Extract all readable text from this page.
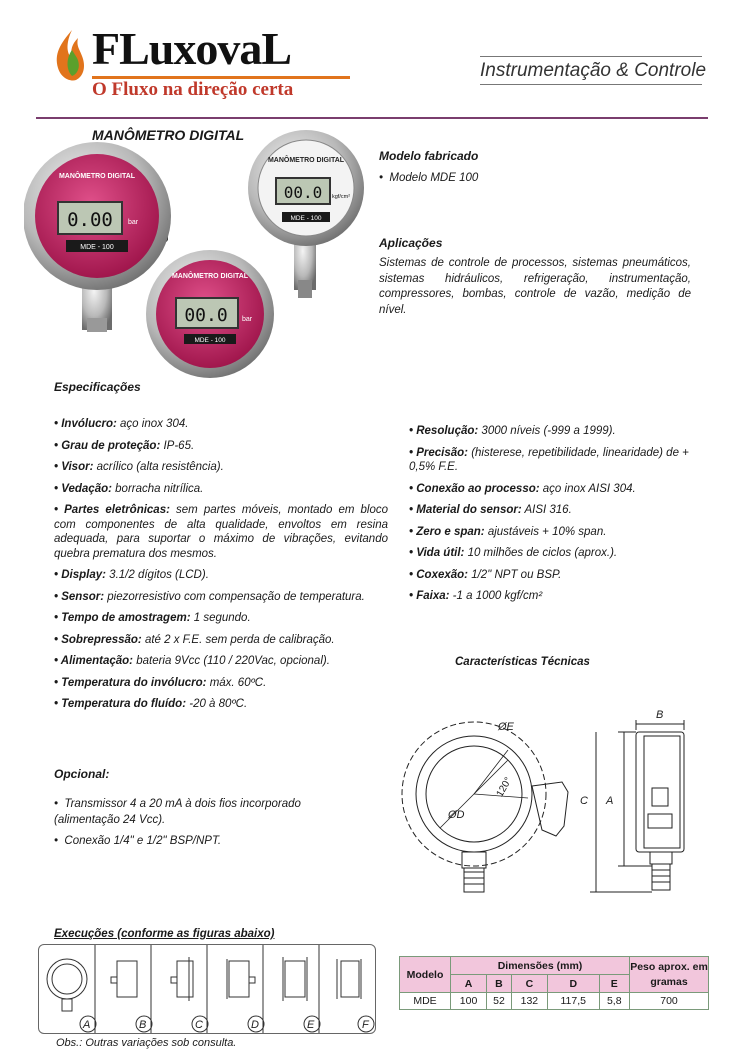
FLuxovaL
O Fluxo na direção certa
Instrumentação & Controle
MANÔMETRO DIGITAL
0.00 bar
MANÔMETRO DIGITAL
MDE - 100
00.0 kgf/cm²
MANÔMETRO DIGITAL
MDE - 100
00.0 bar
MANÔMETRO DIGITAL
MDE - 100
Modelo fabricado
•  Modelo MDE 100
Aplicações
Sistemas de controle de processos, sistemas pneumáticos, sistemas hidráulicos, refrigeração, instrumentação, compressores, bombas, controle de vazão, medição de nível.
Especificações
• Invólucro: aço inox 304.
• Grau de proteção: IP-65.
• Visor: acrílico (alta resistência).
• Vedação: borracha nitrílica.
• Partes eletrônicas: sem partes móveis, montado em bloco com componentes de alta qualidade, envoltos em resina adequada, para suportar o máximo de vibrações, evitando quebra prematura dos mesmos.
• Display: 3.1/2 dígitos (LCD).
• Sensor: piezorresistivo com compensação de temperatura.
• Tempo de amostragem: 1 segundo.
• Sobrepressão: até 2 x F.E. sem perda de calibração.
• Alimentação: bateria 9Vcc (110 / 220Vac, opcional).
• Temperatura do invólucro: máx. 60ºC.
• Temperatura do fluído: -20 à 80ºC.
• Resolução: 3000 níveis (-999 a 1999).
• Precisão: (histerese, repetibilidade, linearidade) de + 0,5% F.E.
• Conexão ao processo: aço inox AISI 304.
• Material do sensor: AISI 316.
• Zero e span: ajustáveis + 10% span.
• Vida útil: 10 milhões de ciclos (aprox.).
• Coxexão: 1/2" NPT ou BSP.
• Faixa: -1 a 1000 kgf/cm²
Características Técnicas
ØE
ØD
120°
B
A
C
Opcional:
•  Transmissor 4 a 20 mA à dois fios incorporado (alimentação 24 Vcc).
•  Conexão 1/4" e 1/2" BSP/NPT.
Execuções (conforme as figuras abaixo)
A	B	C	D	E	F
Obs.: Outras variações sob consulta.
Modelo	Dimensões (mm)					Peso aprox. em gramas
	A	B	C	D	E	
MDE	100	52	132	117,5	5,8	700
